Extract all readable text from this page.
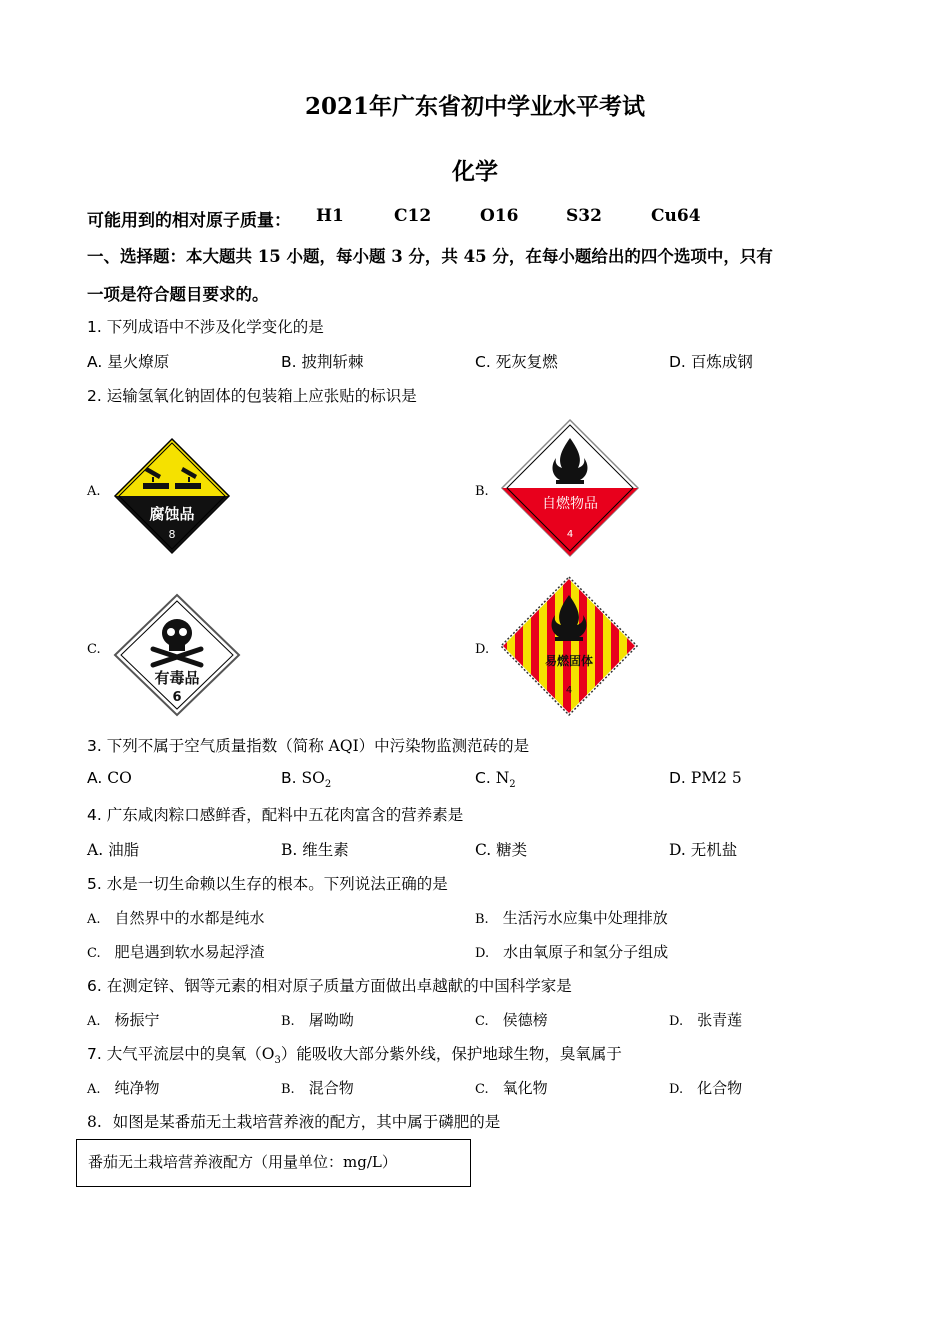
2021年广东省初中学业水平考试
化学
可能用到的相对原子质量： H1	C12	O16	S32	Cu64
一、选择题：本大题共 15 小题，每小题 3 分，共 45 分，在每小题给出的四个选项中，只有
一项是符合题目要求的。
1. 下列成语中不涉及化学变化的是
A. 星火燎原	B. 披荆斩棘	C. 死灰复燃	D. 百炼成钢
2. 运输氢氧化钠固体的包装箱上应张贴的标识是
A.	B.
C.	D.
腐蚀品
8
自燃物品
4
有毒品
6
易燃固体
4
3. 下列不属于空气质量指数（简称 AQI）中污染物监测范砖的是
A. CO	B. $SO_2$	C. $N_2$	D. PM2 5
4. 广东咸肉粽口感鲜香，配料中五花肉富含的营养素是
A. 油脂	B. 维生素	C. 糖类	D. 无机盐
5. 水是一切生命赖以生存的根本。下列说法正确的是
A. 自然界中的水都是纯水	B. 生活污水应集中处理排放
C. 肥皂遇到软水易起浮渣	D. 水由氧原子和氢分子组成
6. 在测定锌、铟等元素的相对原子质量方面做出卓越献的中国科学家是
A. 杨振宁	B. 屠呦呦	C. 侯德榜	D. 张青莲
7. 大气平流层中的臭氧$(O_3)$能吸收大部分紫外线，保护地球生物，臭氧属于
A. 纯净物	B. 混合物	C. 氧化物	D. 化合物
8. 如图是某番茄无土栽培营养液的配方，其中属于磷肥的是
番茄无土栽培营养液配方（用量单位：mg/L）
